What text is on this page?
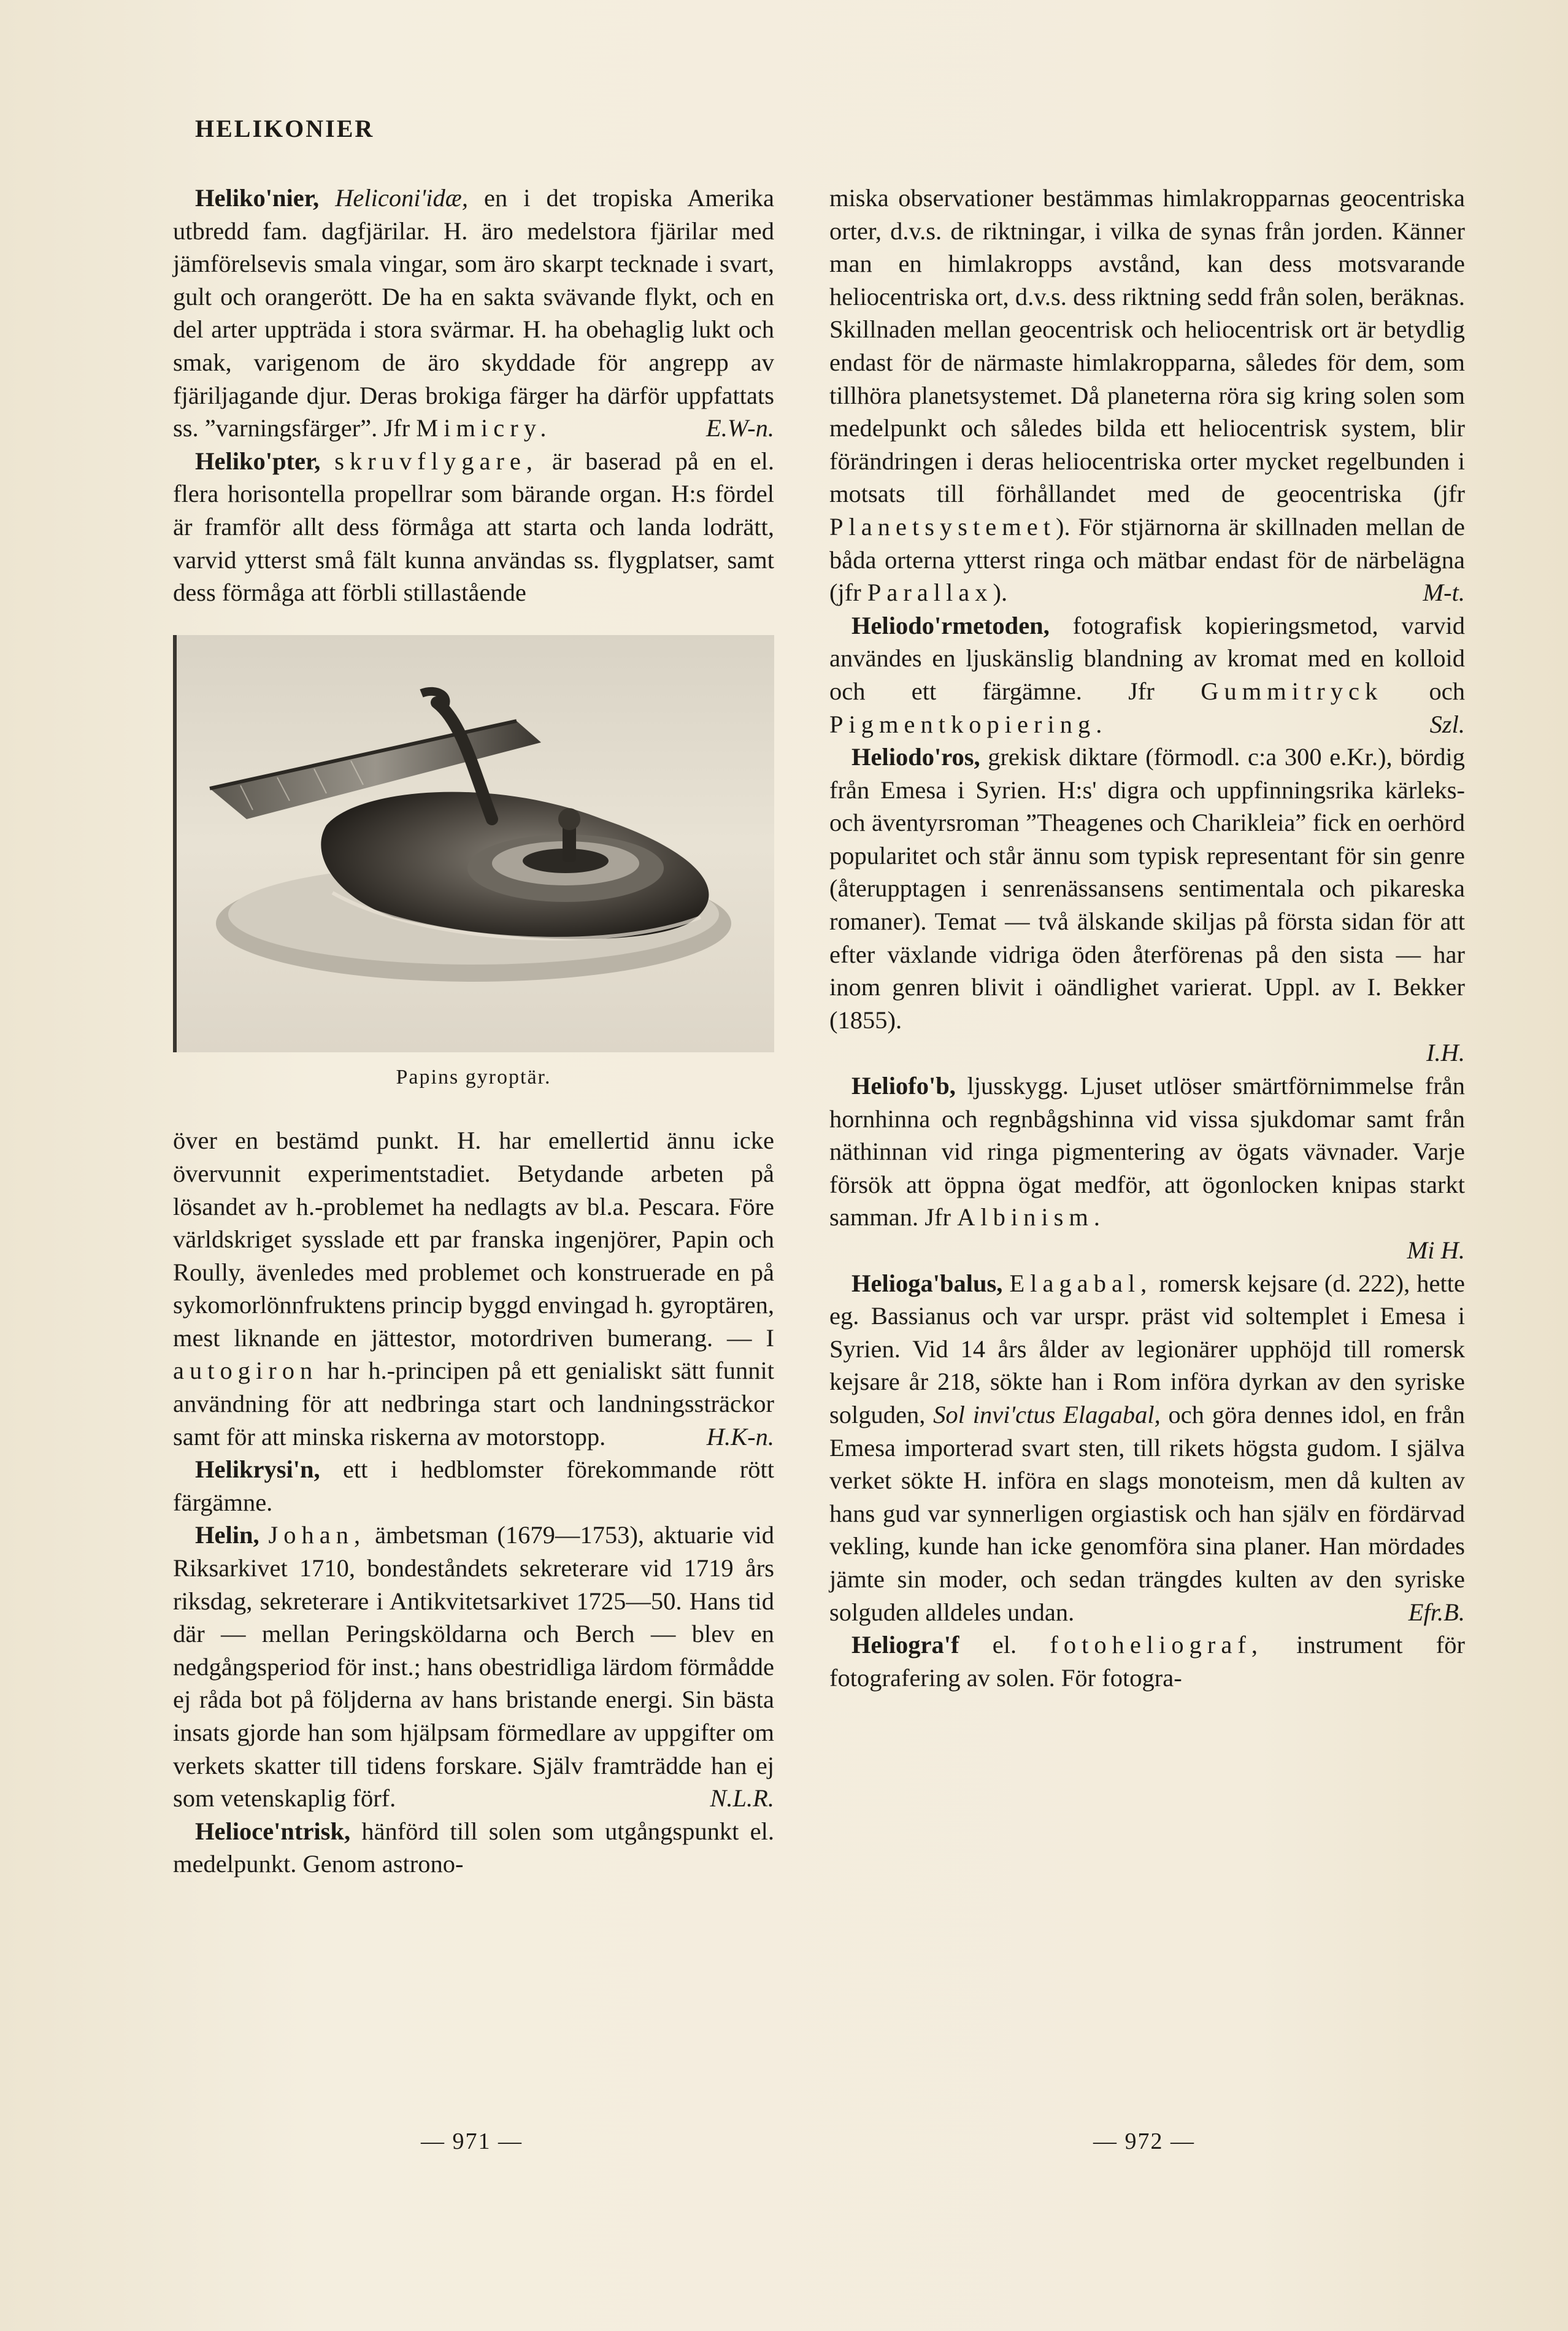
HELIKONIER

Heliko'nier, Heliconi'idæ, en i det tropiska Amerika utbredd fam. dagfjärilar. H. äro medelstora fjärilar med jämförelsevis smala vingar, som äro skarpt tecknade i svart, gult och orangerött. De ha en sakta svävande flykt, och en del arter uppträda i stora svärmar. H. ha obehaglig lukt och smak, varigenom de äro skyddade för angrepp av fjäriljagande djur. Deras brokiga färger ha därför uppfattats ss. ”varningsfärger”. Jfr Mimicry.	E.W-n.

Heliko'pter, skruvflygare, är baserad på en el. flera horisontella propellrar som bärande organ. H:s fördel är framför allt dess förmåga att starta och landa lodrätt, varvid ytterst små fält kunna användas ss. flygplatser, samt dess förmåga att förbli stillastående

Papins gyroptär.

över en bestämd punkt. H. har emellertid ännu icke övervunnit experimentstadiet. Betydande arbeten på lösandet av h.-problemet ha nedlagts av bl.a. Pescara. Före världskriget sysslade ett par franska ingenjörer, Papin och Roully, ävenledes med problemet och konstruerade en på sykomorlönnfruktens princip byggd envingad h. gyroptären, mest liknande en jättestor, motordriven bumerang. — I autogiron har h.-principen på ett genialiskt sätt funnit användning för att nedbringa start och landningssträckor samt för att minska riskerna av motorstopp.	H.K-n.

Helikrysi'n, ett i hedblomster förekommande rött färgämne.

Helin, Johan, ämbetsman (1679—1753), aktuarie vid Riksarkivet 1710, bondeståndets sekreterare vid 1719 års riksdag, sekreterare i Antikvitetsarkivet 1725—50. Hans tid där — mellan Peringsköldarna och Berch — blev en nedgångsperiod för inst.; hans obestridliga lärdom förmådde ej råda bot på följderna av hans bristande energi. Sin bästa insats gjorde han som hjälpsam förmedlare av uppgifter om verkets skatter till tidens forskare. Själv framträdde han ej som vetenskaplig förf.	N.L.R.

Helioce'ntrisk, hänförd till solen som utgångspunkt el. medelpunkt. Genom astrono-

miska observationer bestämmas himlakropparnas geocentriska orter, d.v.s. de riktningar, i vilka de synas från jorden. Känner man en himlakropps avstånd, kan dess motsvarande heliocentriska ort, d.v.s. dess riktning sedd från solen, beräknas. Skillnaden mellan geocentrisk och heliocentrisk ort är betydlig endast för de närmaste himlakropparna, således för dem, som tillhöra planetsystemet. Då planeterna röra sig kring solen som medelpunkt och således bilda ett heliocentrisk system, blir förändringen i deras heliocentriska orter mycket regelbunden i motsats till förhållandet med de geocentriska (jfr Planetsystemet). För stjärnorna är skillnaden mellan de båda orterna ytterst ringa och mätbar endast för de närbelägna (jfr Parallax).	M-t.

Heliodo'rmetoden, fotografisk kopieringsmetod, varvid användes en ljuskänslig blandning av kromat med en kolloid och ett färgämne. Jfr Gummitryck och Pigmentkopiering.	Szl.

Heliodo'ros, grekisk diktare (förmodl. c:a 300 e.Kr.), bördig från Emesa i Syrien. H:s' digra och uppfinningsrika kärleks- och äventyrsroman ”Theagenes och Charikleia” fick en oerhörd popularitet och står ännu som typisk representant för sin genre (återupptagen i senrenässansens sentimentala och pikareska romaner). Temat — två älskande skiljas på första sidan för att efter växlande vidriga öden återförenas på den sista — har inom genren blivit i oändlighet varierat. Uppl. av I. Bekker (1855).

I.H.

Heliofo'b, ljusskygg. Ljuset utlöser smärtförnimmelse från hornhinna och regnbågshinna vid vissa sjukdomar samt från näthinnan vid ringa pigmentering av ögats vävnader. Varje försök att öppna ögat medför, att ögonlocken knipas starkt samman. Jfr Albinism.

Mi H.

Helioga'balus, Elagabal, romersk kejsare (d. 222), hette eg. Bassianus och var urspr. präst vid soltemplet i Emesa i Syrien. Vid 14 års ålder av legionärer upphöjd till romersk kejsare år 218, sökte han i Rom införa dyrkan av den syriske solguden, Sol invi'ctus Elagabal, och göra dennes idol, en från Emesa importerad svart sten, till rikets högsta gudom. I själva verket sökte H. införa en slags monoteism, men då kulten av hans gud var synnerligen orgiastisk och han själv en fördärvad vekling, kunde han icke genomföra sina planer. Han mördades jämte sin moder, och sedan trängdes kulten av den syriske solguden alldeles undan.	Efr.B.

Heliogra'f el. fotoheliograf, instrument för fotografering av solen. För fotogra-

— 971 —	— 972 —
